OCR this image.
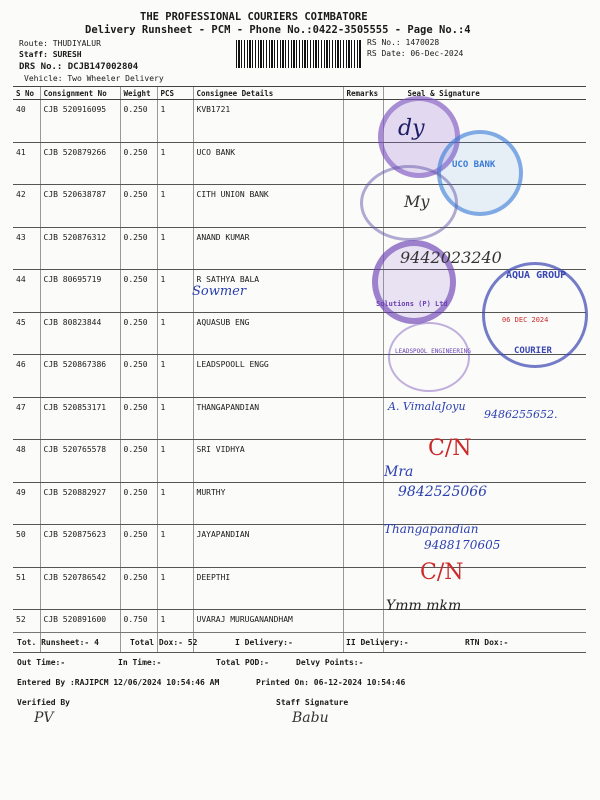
THE PROFESSIONAL COURIERS COIMBATORE
Delivery Runsheet - PCM - Phone No.:0422-3505555 - Page No.:4
Route: THUDIYALUR
Staff: SURESH
RS No.: 1470028
RS Date: 06-Dec-2024
DRS No.: DCJB147002804
Vehicle: Two Wheeler Delivery
S No	Consignment No	Weight	PCS	Consignee Details	Remarks	Seal & Signature
40	CJB 520916095	0.250	1	KVB1721		
41	CJB 520879266	0.250	1	UCO BANK		
42	CJB 520638787	0.250	1	CITH UNION BANK		
43	CJB 520876312	0.250	1	ANAND KUMAR		
44	CJB 80695719	0.250	1	R SATHYA BALA		
45	CJB 80823844	0.250	1	AQUASUB ENG		
46	CJB 520867386	0.250	1	LEADSPOOLL ENGG		
47	CJB 520853171	0.250	1	THANGAPANDIAN		
48	CJB 520765578	0.250	1	SRI VIDHYA		
49	CJB 520882927	0.250	1	MURTHY		
50	CJB 520875623	0.250	1	JAYAPANDIAN		
51	CJB 520786542	0.250	1	DEEPTHI		
52	CJB 520891600	0.750	1	UVARAJ MURUGANANDHAM		
dy
UCO BANK
My
Solutions (P) Ltd
9442023240
Sowmer
AQUA GROUP
06 DEC 2024
COURIER
LEADSPOOL ENGINEERING
A. VimalaJoyu
9486255652.
C/N
Mra
9842525066
Thangapandian
9488170605
C/N
Ymm mkm
Tot. Runsheet:- 4	Total Dox:- 52	I Delivery:-	II Delivery:-	RTN Dox:-
Out Time:-	In Time:-	Total POD:-	Delvy Points:-
Entered By :RAJIPCM 12/06/2024 10:54:46 AM	Printed On: 06-12-2024 10:54:46
Verified By	Staff Signature
PV	Babu
